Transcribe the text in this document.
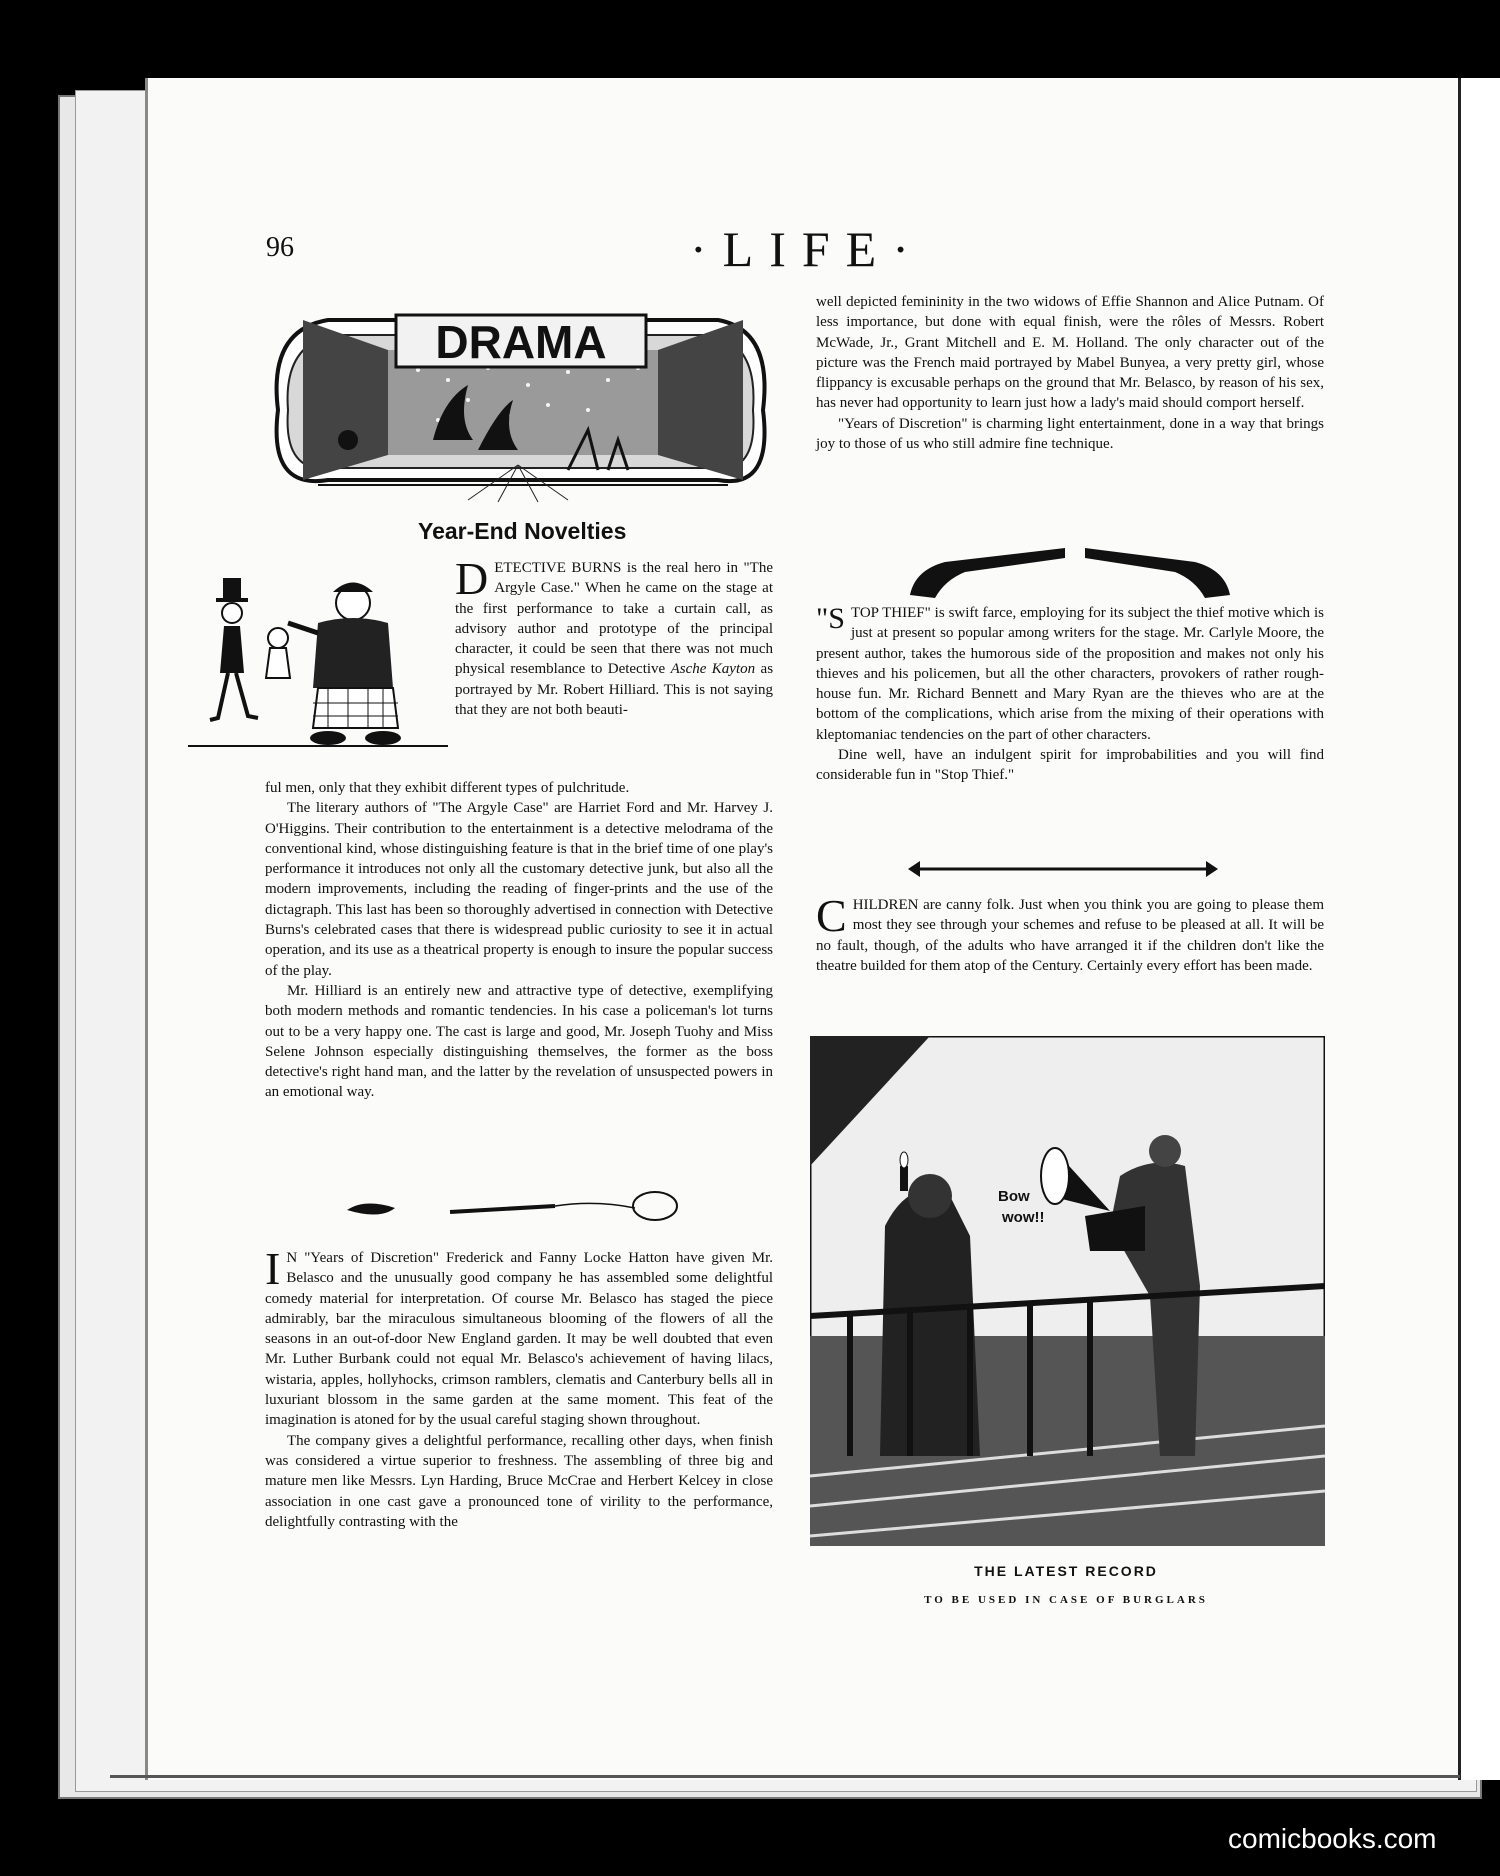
96	·LIFE·
DRAMA
Year-End Novelties
DETECTIVE BURNS is the real hero in "The Argyle Case." When he came on the stage at the first performance to take a curtain call, as advisory author and prototype of the principal character, it could be seen that there was not much physical resemblance to Detective Asche Kayton as portrayed by Mr. Robert Hilliard. This is not saying that they are not both beauti-

ful men, only that they exhibit different types of pulchritude.

The literary authors of "The Argyle Case" are Harriet Ford and Mr. Harvey J. O'Higgins. Their contribution to the entertainment is a detective melodrama of the conventional kind, whose distinguishing feature is that in the brief time of one play's performance it introduces not only all the customary detective junk, but also all the modern improvements, including the reading of finger-prints and the use of the dictagraph. This last has been so thoroughly advertised in connection with Detective Burns's celebrated cases that there is widespread public curiosity to see it in actual operation, and its use as a theatrical property is enough to insure the popular success of the play.

Mr. Hilliard is an entirely new and attractive type of detective, exemplifying both modern methods and romantic tendencies. In his case a policeman's lot turns out to be a very happy one. The cast is large and good, Mr. Joseph Tuohy and Miss Selene Johnson especially distinguishing themselves, the former as the boss detective's right hand man, and the latter by the revelation of unsuspected powers in an emotional way.

I N "Years of Discretion" Frederick and Fanny Locke Hatton have given Mr. Belasco and the unusually good company he has assembled some delightful comedy material for interpretation. Of course Mr. Belasco has staged the piece admirably, bar the miraculous simultaneous blooming of the flowers of all the seasons in an out-of-door New England garden. It may be well doubted that even Mr. Luther Burbank could not equal Mr. Belasco's achievement of having lilacs, wistaria, apples, hollyhocks, crimson ramblers, clematis and Canterbury bells all in luxuriant blossom in the same garden at the same moment. This feat of the imagination is atoned for by the usual careful staging shown throughout.

The company gives a delightful performance, recalling other days, when finish was considered a virtue superior to freshness. The assembling of three big and mature men like Messrs. Lyn Harding, Bruce McCrae and Herbert Kelcey in close association in one cast gave a pronounced tone of virility to the performance, delightfully contrasting with the

well depicted femininity in the two widows of Effie Shannon and Alice Putnam. Of less importance, but done with equal finish, were the rôles of Messrs. Robert McWade, Jr., Grant Mitchell and E. M. Holland. The only character out of the picture was the French maid portrayed by Mabel Bunyea, a very pretty girl, whose flippancy is excusable perhaps on the ground that Mr. Belasco, by reason of his sex, has never had opportunity to learn just how a lady's maid should comport herself.

"Years of Discretion" is charming light entertainment, done in a way that brings joy to those of us who still admire fine technique.

"STOP THIEF" is swift farce, employing for its subject the thief motive which is just at present so popular among writers for the stage. Mr. Carlyle Moore, the present author, takes the humorous side of the proposition and makes not only his thieves and his policemen, but all the other characters, provokers of rather rough-house fun. Mr. Richard Bennett and Mary Ryan are the thieves who are at the bottom of the complications, which arise from the mixing of their operations with kleptomaniac tendencies on the part of other characters.

Dine well, have an indulgent spirit for improbabilities and you will find considerable fun in "Stop Thief."

CHILDREN are canny folk. Just when you think you are going to please them most they see through your schemes and refuse to be pleased at all. It will be no fault, though, of the adults who have arranged it if the children don't like the theatre builded for them atop of the Century. Certainly every effort has been made.

Bow
wow!!
THE LATEST RECORD
TO BE USED IN CASE OF BURGLARS
comicbooks.com
